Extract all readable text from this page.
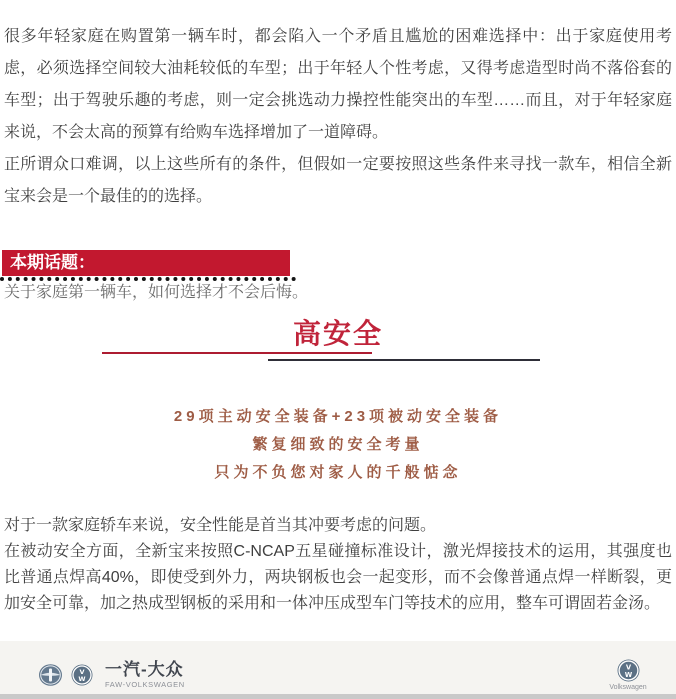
很多年轻家庭在购置第一辆车时，都会陷入一个矛盾且尴尬的困难选择中：出于家庭使用考虑，必须选择空间较大油耗较低的车型；出于年轻人个性考虑，又得考虑造型时尚不落俗套的车型；出于驾驶乐趣的考虑，则一定会挑选动力操控性能突出的车型……而且，对于年轻家庭来说，不会太高的预算有给购车选择增加了一道障碍。

正所谓众口难调，以上这些所有的条件，但假如一定要按照这些条件来寻找一款车，相信全新宝来会是一个最佳的的选择。

本期话题：

关于家庭第一辆车，如何选择才不会后悔。

高安全

29项主动安全装备+23项被动安全装备

繁复细致的安全考量

只为不负您对家人的千般惦念

对于一款家庭轿车来说，安全性能是首当其冲要考虑的问题。

在被动安全方面，全新宝来按照C-NCAP五星碰撞标准设计，激光焊接技术的运用，其强度也比普通点焊高40%，即使受到外力，两块钢板也会一起变形，而不会像普通点焊一样断裂，更加安全可靠，加之热成型钢板的采用和一体冲压成型车门等技术的应用，整车可谓固若金汤。

V
W 一汽-大众
FAW-VOLKSWAGEN
V
W
Volkswagen
